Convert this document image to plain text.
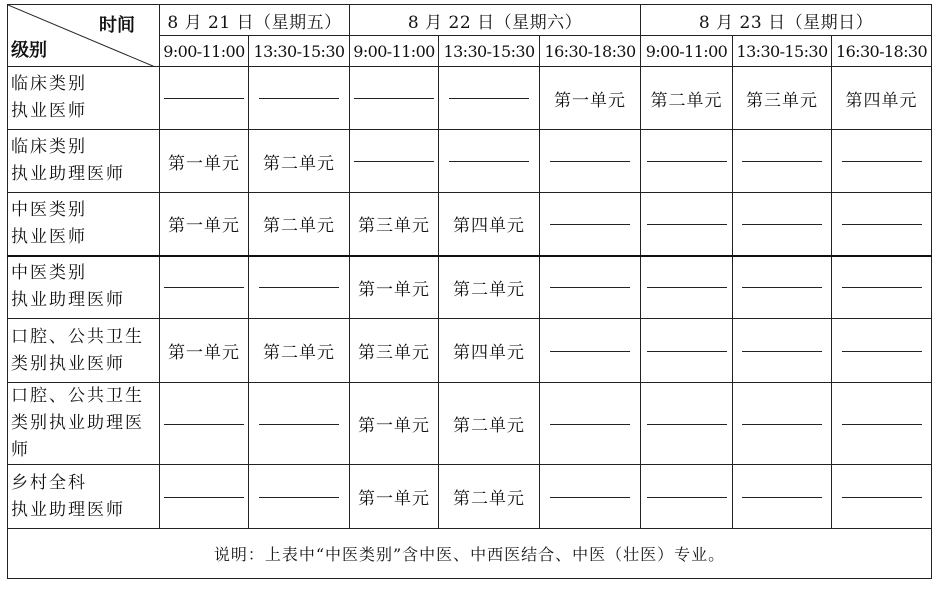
时间
级别	8 月 21 日（星期五）		8 月 22 日（星期六）			8 月 23 日（星期日）		
	9:00-11:00	13:30-15:30	9:00-11:00	13:30-15:30	16:30-18:30	9:00-11:00	13:30-15:30	16:30-18:30

临床类别
执业医师					第一单元	第二单元	第三单元	第四单元

临床类别
执业助理医师	第一单元	第二单元						

中医类别
执业医师	第一单元	第二单元	第三单元	第四单元				

中医类别
执业助理医师			第一单元	第二单元				

口腔、公共卫生
类别执业医师	第一单元	第二单元	第三单元	第四单元				

口腔、公共卫生
类别执业助理医
师			第一单元	第二单元				

乡村全科
执业助理医师			第一单元	第二单元				
说明：上表中“中医类别”含中医、中西医结合、中医（壮医）专业。								
